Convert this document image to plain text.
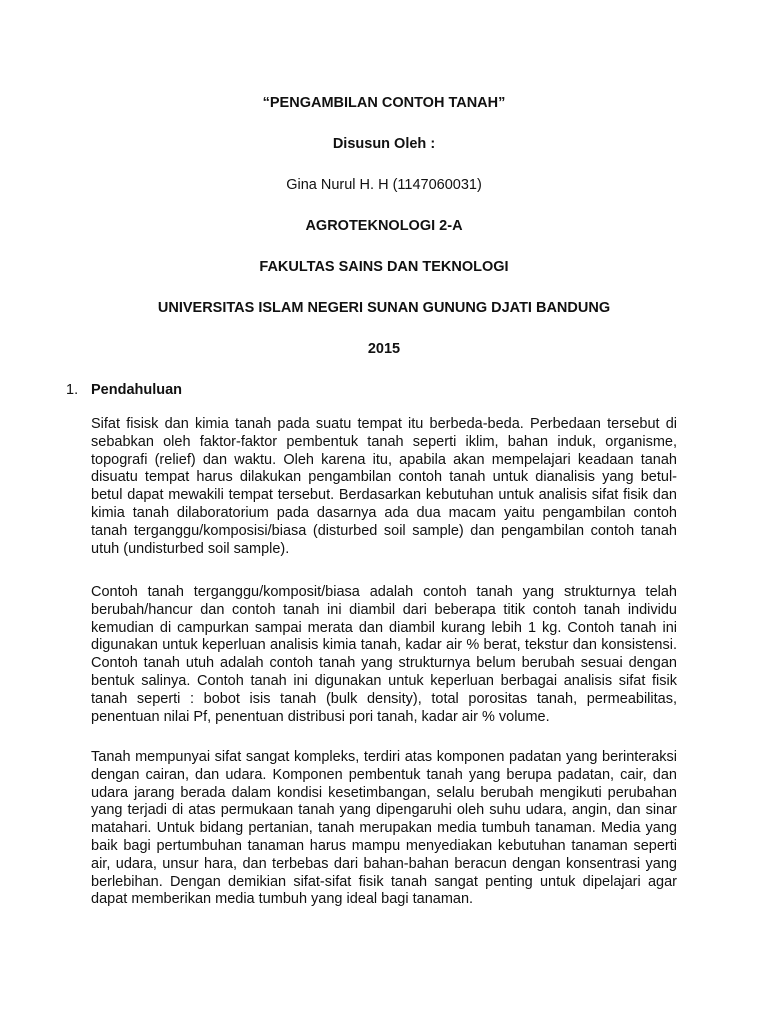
“PENGAMBILAN CONTOH TANAH”
Disusun Oleh :
Gina Nurul H. H (1147060031)
AGROTEKNOLOGI 2-A
FAKULTAS SAINS DAN TEKNOLOGI
UNIVERSITAS ISLAM NEGERI SUNAN GUNUNG DJATI BANDUNG
2015
1. Pendahuluan

Sifat fisisk dan kimia tanah pada suatu tempat itu berbeda-beda. Perbedaan tersebut di sebabkan oleh faktor-faktor pembentuk tanah seperti iklim, bahan induk, organisme, topografi (relief) dan waktu. Oleh karena itu, apabila akan mempelajari keadaan tanah disuatu tempat harus dilakukan pengambilan contoh tanah untuk dianalisis yang betul-betul dapat mewakili tempat tersebut. Berdasarkan kebutuhan untuk analisis sifat fisik dan kimia tanah dilaboratorium pada dasarnya ada dua macam yaitu pengambilan contoh tanah terganggu/komposisi/biasa (disturbed soil sample) dan pengambilan contoh tanah utuh (undisturbed soil sample).

Contoh tanah terganggu/komposit/biasa adalah contoh tanah yang strukturnya telah berubah/hancur dan contoh tanah ini diambil dari beberapa titik contoh tanah individu kemudian di campurkan sampai merata dan diambil kurang lebih 1 kg. Contoh tanah ini digunakan untuk keperluan analisis kimia tanah, kadar air % berat, tekstur dan konsistensi. Contoh tanah utuh adalah contoh tanah yang strukturnya belum berubah sesuai dengan bentuk salinya. Contoh tanah ini digunakan untuk keperluan berbagai analisis sifat fisik tanah seperti : bobot isis tanah (bulk density), total porositas tanah, permeabilitas, penentuan nilai Pf, penentuan distribusi pori tanah, kadar air % volume.

Tanah mempunyai sifat sangat kompleks, terdiri atas komponen padatan yang berinteraksi dengan cairan, dan udara. Komponen pembentuk tanah yang berupa padatan, cair, dan udara jarang berada dalam kondisi kesetimbangan, selalu berubah mengikuti perubahan yang terjadi di atas permukaan tanah yang dipengaruhi oleh suhu udara, angin, dan sinar matahari. Untuk bidang pertanian, tanah merupakan media tumbuh tanaman. Media yang baik bagi pertumbuhan tanaman harus mampu menyediakan kebutuhan tanaman seperti air, udara, unsur hara, dan terbebas dari bahan-bahan beracun dengan konsentrasi yang berlebihan. Dengan demikian sifat-sifat fisik tanah sangat penting untuk dipelajari agar dapat memberikan media tumbuh yang ideal bagi tanaman.
